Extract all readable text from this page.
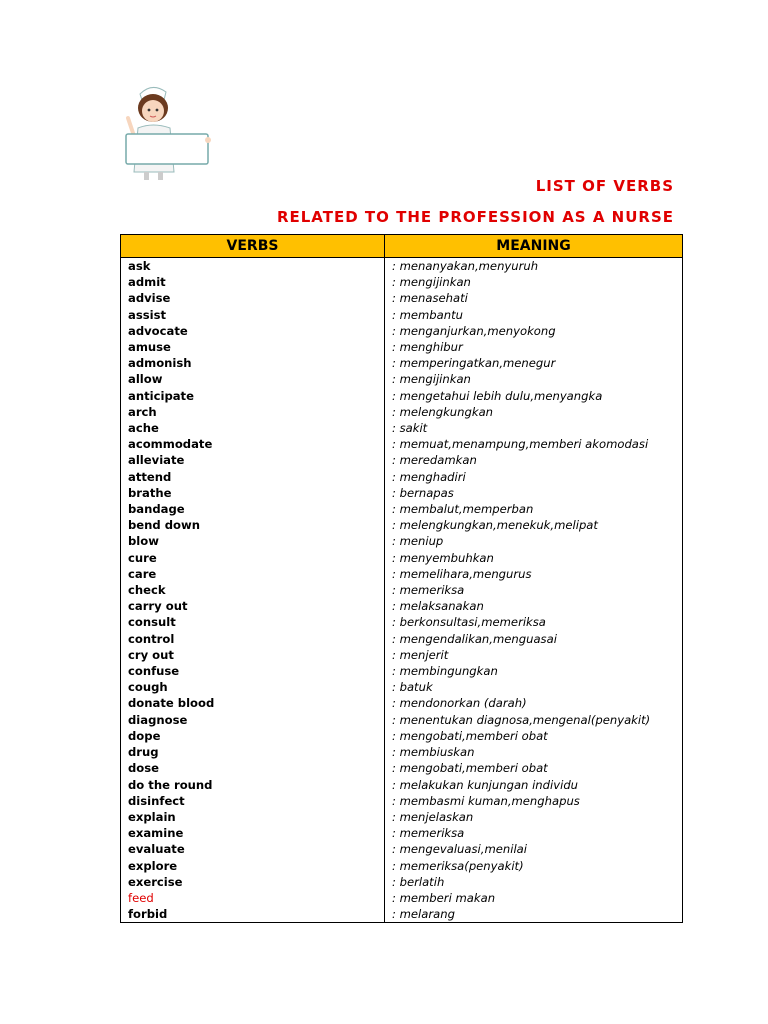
LIST OF VERBS
RELATED TO THE PROFESSION AS A NURSE
VERBS	MEANING
ask	: menanyakan,menyuruh
admit	: mengijinkan
advise	: menasehati
assist	: membantu
advocate	: menganjurkan,menyokong
amuse	: menghibur
admonish	: memperingatkan,menegur
allow	: mengijinkan
anticipate	: mengetahui lebih dulu,menyangka
arch	: melengkungkan
ache	: sakit
acommodate	: memuat,menampung,memberi akomodasi
alleviate	: meredamkan
attend	: menghadiri
brathe	: bernapas
bandage	: membalut,memperban
bend down	: melengkungkan,menekuk,melipat
blow	: meniup
cure	: menyembuhkan
care	: memelihara,mengurus
check	: memeriksa
carry out	: melaksanakan
consult	: berkonsultasi,memeriksa
control	: mengendalikan,menguasai
cry out	: menjerit
confuse	: membingungkan
cough	: batuk
donate blood	: mendonorkan (darah)
diagnose	: menentukan diagnosa,mengenal(penyakit)
dope	: mengobati,memberi obat
drug	: membiuskan
dose	: mengobati,memberi obat
do the round	: melakukan kunjungan individu
disinfect	: membasmi kuman,menghapus
explain	: menjelaskan
examine	: memeriksa
evaluate	: mengevaluasi,menilai
explore	: memeriksa(penyakit)
exercise	: berlatih
feed	: memberi makan
forbid	: melarang
